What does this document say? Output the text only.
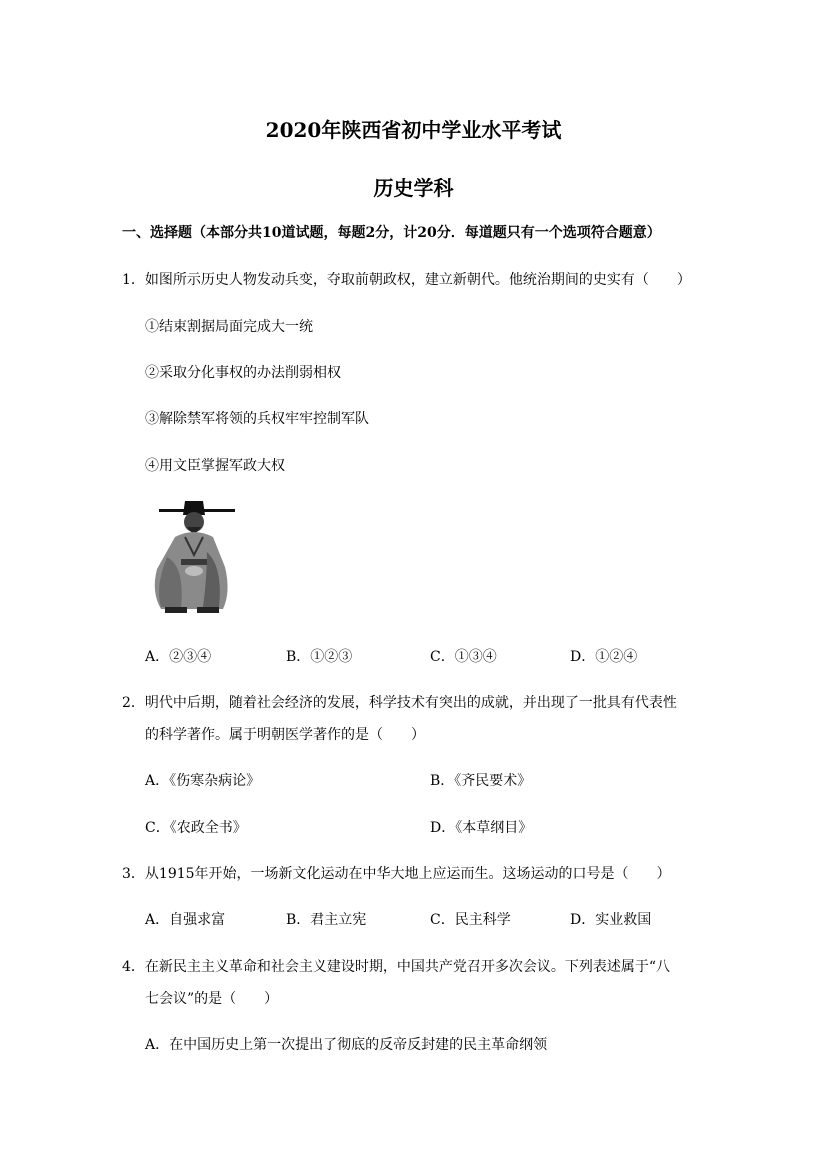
2020年陕西省初中学业水平考试
历史学科
一、选择题（本部分共10道试题，每题2分，计20分．每道题只有一个选项符合题意）
1．如图所示历史人物发动兵变，夺取前朝政权，建立新朝代。他统治期间的史实有（　　）
①结束割据局面完成大一统
②采取分化事权的办法削弱相权
③解除禁军将领的兵权牢牢控制军队
④用文臣掌握军政大权
A．②③④	B．①②③	C．①③④	D．①②④
2．明代中后期，随着社会经济的发展，科学技术有突出的成就，并出现了一批具有代表性
的科学著作。属于明朝医学著作的是（　　）
A．《伤寒杂病论》	B．《齐民要术》
C．《农政全书》	D．《本草纲目》
3．从1915年开始，一场新文化运动在中华大地上应运而生。这场运动的口号是（　　）
A．自强求富	B．君主立宪	C．民主科学	D．实业救国
4．在新民主主义革命和社会主义建设时期，中国共产党召开多次会议。下列表述属于“八
七会议”的是（　　）
A．在中国历史上第一次提出了彻底的反帝反封建的民主革命纲领
